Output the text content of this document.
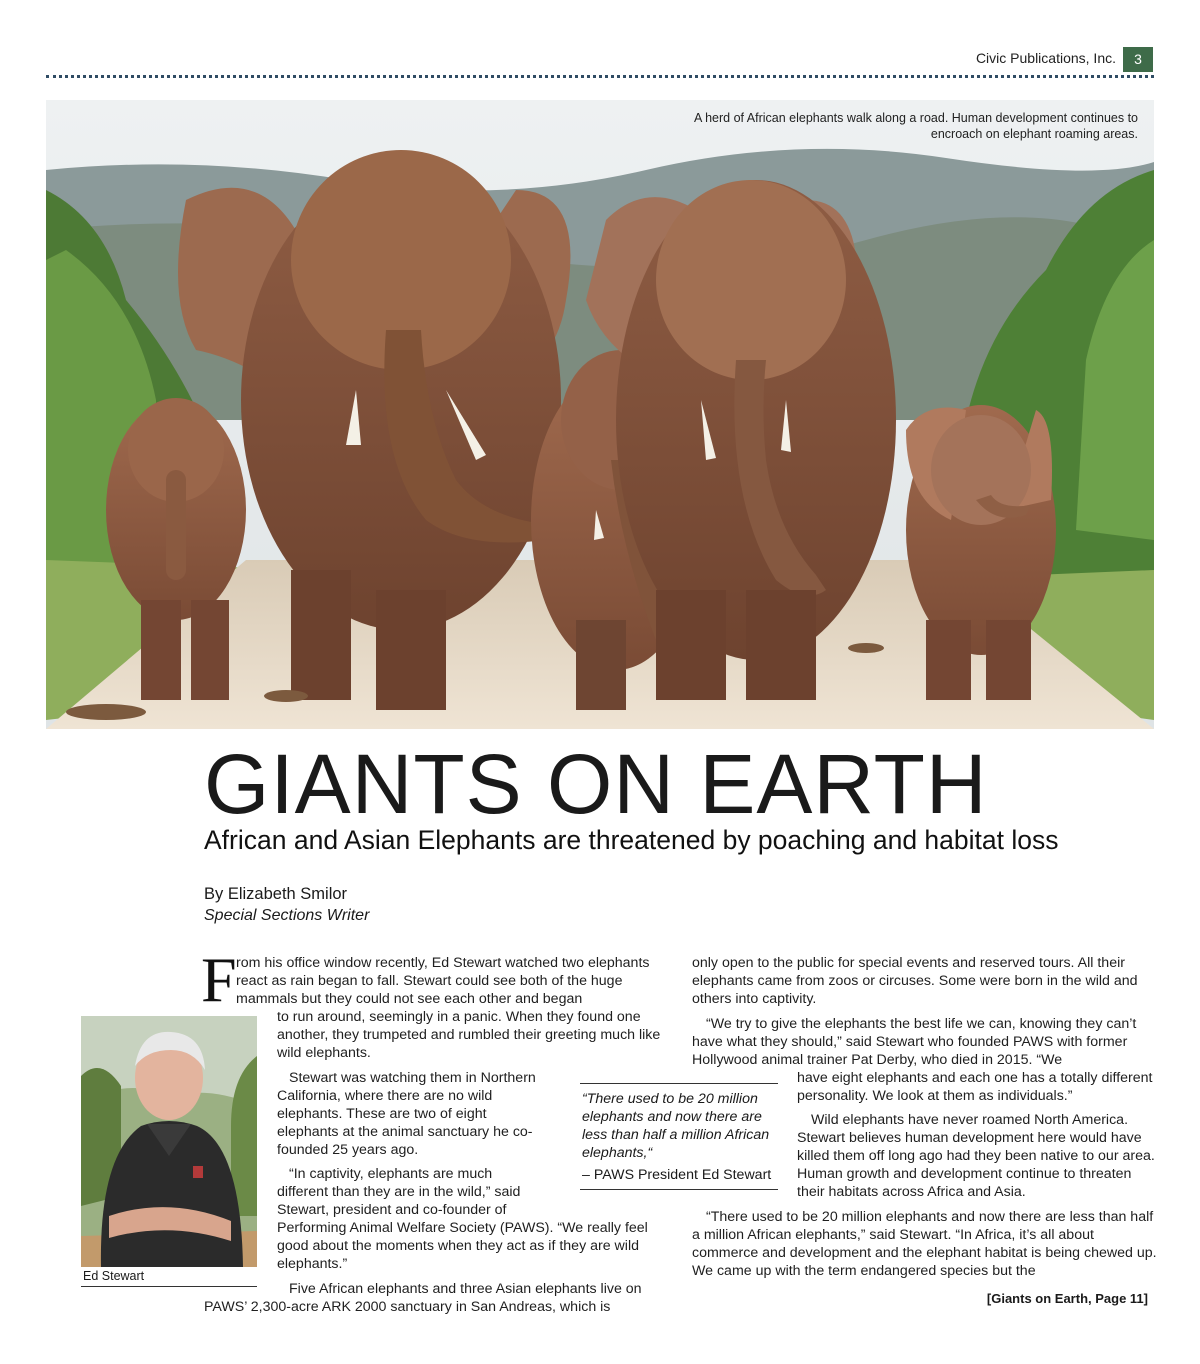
Civic Publications, Inc.	3
A herd of African elephants walk along a road. Human development continues to encroach on elephant roaming areas.
GIANTS ON EARTH
African and Asian Elephants are threatened by poaching and habitat loss
By Elizabeth Smilor
Special Sections Writer
F rom his office window recently, Ed Stewart watched two elephants react as rain began to fall. Stewart could see both of the huge mammals but they could not see each other and began

to run around, seemingly in a panic. When they found one another, they trumpeted and rumbled their greeting much like wild elephants.

Ed Stewart

Stewart was watching them in Northern California, where there are no wild elephants. These are two of eight elephants at the animal sanctuary he co-founded 25 years ago.

“In captivity, elephants are much different than they are in the wild,” said Stewart, president and co-founder of

Performing Animal Welfare Society (PAWS). “We really feel good about the moments when they act as if they are wild elephants.”

Five African elephants and three Asian elephants live on PAWS’ 2,300-acre ARK 2000 sanctuary in San Andreas, which is

“There used to be 20 million elephants and now there are less than half a million African elephants,“

– PAWS President Ed Stewart

only open to the public for special events and reserved tours. All their elephants came from zoos or circuses. Some were born in the wild and others into captivity.

“We try to give the elephants the best life we can, knowing they can’t have what they should,” said Stewart who founded PAWS with former Hollywood animal trainer Pat Derby, who died in 2015. “We

have eight elephants and each one has a totally different personality. We look at them as individuals.”

Wild elephants have never roamed North America. Stewart believes human development here would have killed them off long ago had they been native to our area. Human growth and development continue to threaten their habitats across Africa and Asia.

“There used to be 20 million elephants and now there are less than half a million African elephants,” said Stewart. “In Africa, it’s all about commerce and development and the elephant habitat is being chewed up. We came up with the term endangered species but the

[Giants on Earth, Page 11]
